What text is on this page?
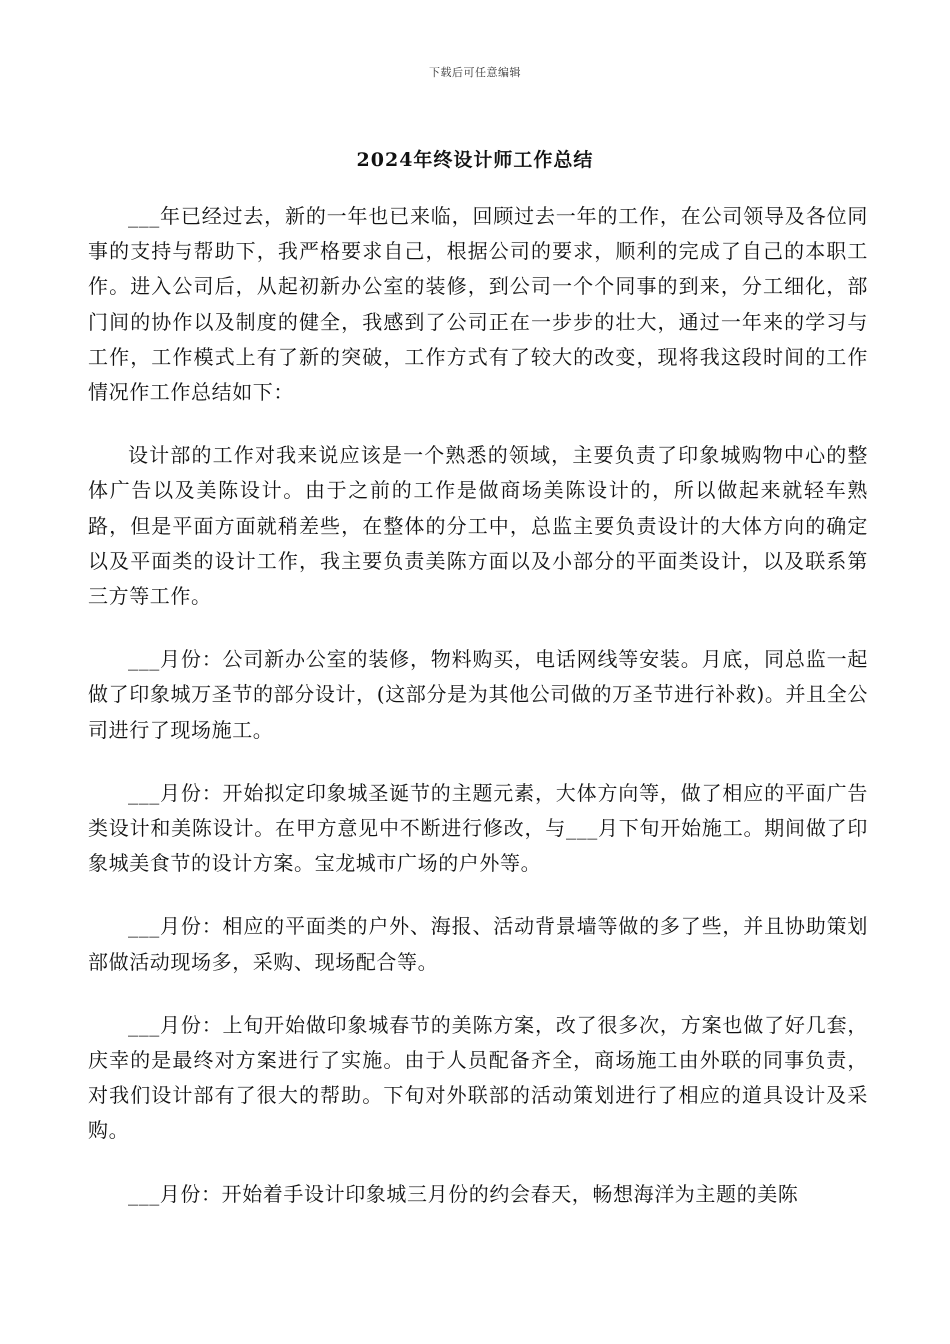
下载后可任意编辑
2024年终设计师工作总结

___年已经过去，新的一年也已来临，回顾过去一年的工作，在公司领导及各位同事的支持与帮助下，我严格要求自己，根据公司的要求，顺利的完成了自己的本职工作。进入公司后，从起初新办公室的装修，到公司一个个同事的到来，分工细化，部门间的协作以及制度的健全，我感到了公司正在一步步的壮大，通过一年来的学习与工作，工作模式上有了新的突破，工作方式有了较大的改变，现将我这段时间的工作情况作工作总结如下：

设计部的工作对我来说应该是一个熟悉的领域，主要负责了印象城购物中心的整体广告以及美陈设计。由于之前的工作是做商场美陈设计的，所以做起来就轻车熟路，但是平面方面就稍差些，在整体的分工中，总监主要负责设计的大体方向的确定以及平面类的设计工作，我主要负责美陈方面以及小部分的平面类设计，以及联系第三方等工作。

___月份：公司新办公室的装修，物料购买，电话网线等安装。月底，同总监一起做了印象城万圣节的部分设计，(这部分是为其他公司做的万圣节进行补救)。并且全公司进行了现场施工。

___月份：开始拟定印象城圣诞节的主题元素，大体方向等，做了相应的平面广告类设计和美陈设计。在甲方意见中不断进行修改，与___月下旬开始施工。期间做了印象城美食节的设计方案。宝龙城市广场的户外等。

___月份：相应的平面类的户外、海报、活动背景墙等做的多了些，并且协助策划部做活动现场多，采购、现场配合等。

___月份：上旬开始做印象城春节的美陈方案，改了很多次，方案也做了好几套，庆幸的是最终对方案进行了实施。由于人员配备齐全，商场施工由外联的同事负责，对我们设计部有了很大的帮助。下旬对外联部的活动策划进行了相应的道具设计及采购。

___月份：开始着手设计印象城三月份的约会春天，畅想海洋为主题的美陈
